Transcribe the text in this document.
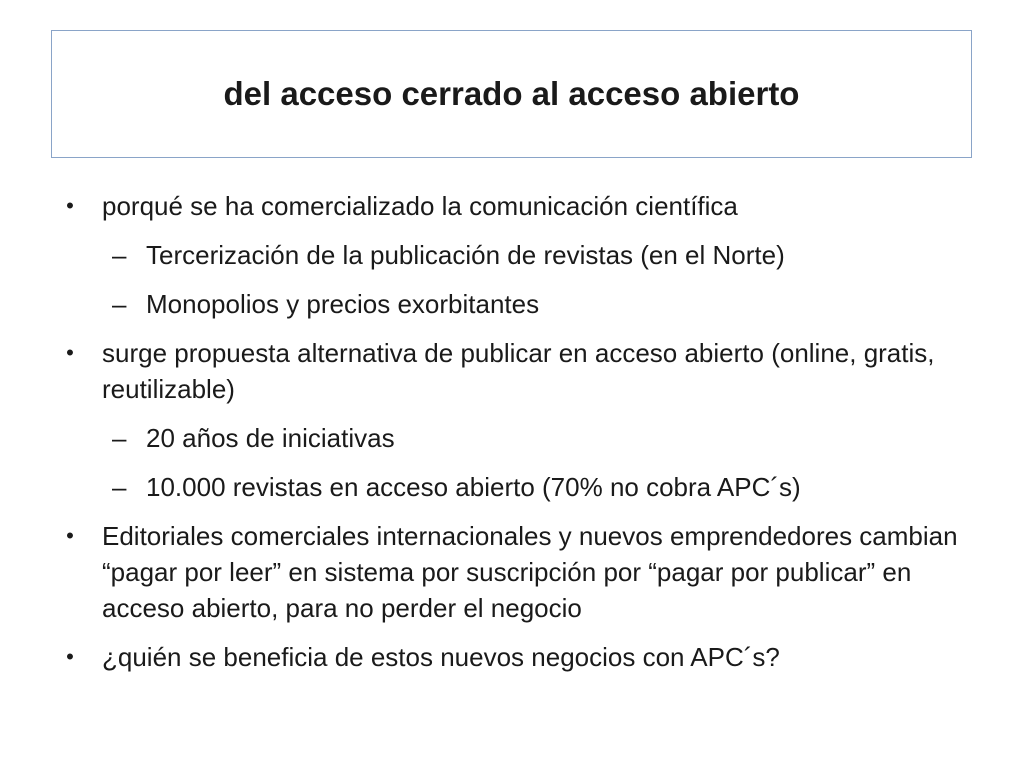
del acceso cerrado al acceso abierto
• porqué se ha comercializado la comunicación científica
– Tercerización de la publicación de revistas (en el Norte)
– Monopolios y precios exorbitantes
• surge propuesta alternativa de publicar en acceso abierto (online, gratis, reutilizable)
– 20 años de iniciativas
– 10.000 revistas en acceso abierto (70% no cobra APC´s)
• Editoriales comerciales internacionales y nuevos emprendedores cambian “pagar por leer” en sistema por suscripción por “pagar por publicar” en acceso abierto, para no perder el negocio
• ¿quién se beneficia de estos nuevos negocios con APC´s?
